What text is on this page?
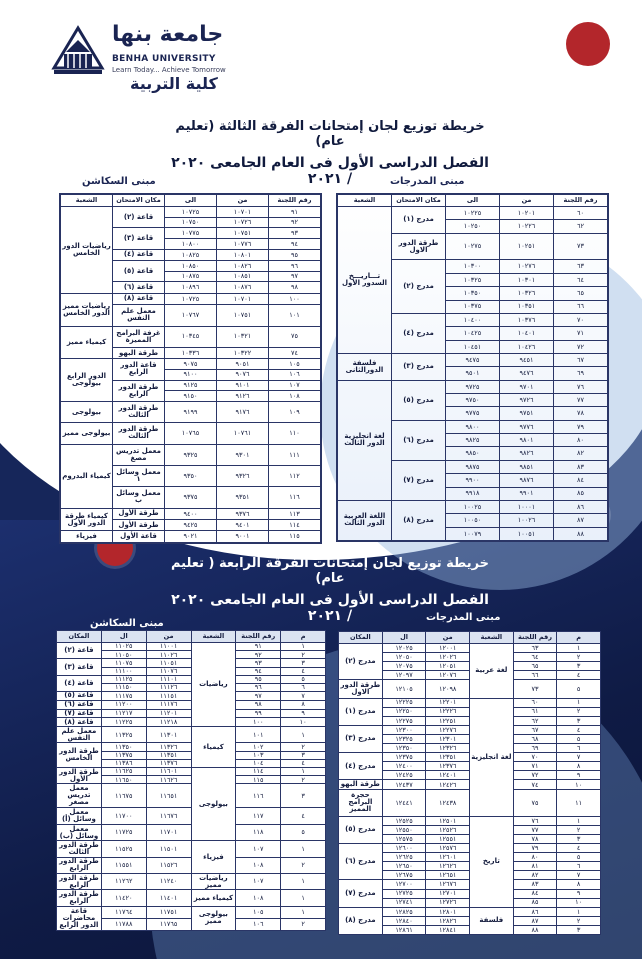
جامعة بنها
BENHA UNIVERSITY
Learn Today... Achieve Tomorrow
كلية التربية
خريطة توزيع لجان إمتحانات الفرقة الثالثة (تعليم عام)
الفصل الدراسى الأول فى العام الجامعى ٢٠٢٠ / ٢٠٢١	مبنى المدرجات
مبنى السكاشن
رقم اللجنة	من	الى	مكان الامتحان	الشعبة
٦٠	١٠٢٠١	١٠٢٢٥	مدرج (١)	تـــاريـــخ السدور الأول
٦٢	١٠٢٢٦	١٠٢٥٠		
٧٣	١٠٢٥١	١٠٢٧٥	طرقة الدور الاول	
٦٣	١٠٢٧٦	١٠٣٠٠	مدرج (٢)	
٦٤	١٠٣٠١	١٠٣٢٥		
٦٥	١٠٣٢٦	١٠٣٥٠		
٦٦	١٠٣٥١	١٠٣٧٥		
٧٠	١٠٣٧٦	١٠٤٠٠	مدرج (٤)	
٧١	١٠٤٠١	١٠٤٢٥		
٧٢	١٠٤٢٦	١٠٤٥١		
٦٧	٩٤٥١	٩٤٧٥	مدرج (٣)	فلسفة الدورالثانى
٦٩	٩٤٧٦	٩٥٠١		
٧٦	٩٧٠١	٩٧٢٥	مدرج (٥)	لغة انجليزية الدور الثالث
٧٧	٩٧٢٦	٩٧٥٠		
٧٨	٩٧٥١	٩٧٧٥		
٧٩	٩٧٧٦	٩٨٠٠	مدرج (٦)	
٨٠	٩٨٠١	٩٨٢٥		
٨٢	٩٨٢٦	٩٨٥٠		
٨٣	٩٨٥١	٩٨٧٥	مدرج (٧)	
٨٤	٩٨٧٦	٩٩٠٠		
٨٥	٩٩٠١	٩٩١٨		
٨٦	١٠٠٠١	١٠٠٢٥	مدرج (٨)	اللغة العربية الدور الثالث
٨٧	١٠٠٢٦	١٠٠٥٠		
٨٨	١٠٠٥١	١٠٠٧٩		
رقم اللجنة	من	الى	مكان الامتحان	الشعبة
٩١	١٠٧٠١	١٠٧٢٥	قاعة (٢)	رياضيات الدور الخامس
٩٢	١٠٧٢٦	١٠٧٥٠		
٩٣	١٠٧٥١	١٠٧٧٥	قاعة (٣)	
٩٤	١٠٧٧٦	١٠٨٠٠		
٩٥	١٠٨٠١	١٠٨٢٥	قاعة (٤)	
٩٦	١٠٨٢٦	١٠٨٥٠	قاعة (٥)	
٩٧	١٠٨٥١	١٠٨٧٥		
٩٨	١٠٨٧٦	١٠٨٩٦	قاعة (٦)	
١٠٠	١٠٧٠١	١٠٧٢٥	قاعة (٨)	رياضيات مميز الدور الخامس
١٠١	١٠٧٥١	١٠٧٦٧	معمل علم النفس	
٧٥	١٠٣٢١	١٠٣٤٥	غرفة البرامج المميزة	كيمياء مميز
٧٤	١٠٣٢٢	١٠٣٣٦	طرقة البهو	
١٠٥	٩٠٥١	٩٠٧٥	قاعة الدور الرابع	الدور الرابع بيولوجى
١٠٦	٩٠٧٦	٩١٠٠		
١٠٧	٩١٠١	٩١٢٥	طرقة الدور الرابع	
١٠٨	٩١٢٦	٩١٥٠		
١٠٩	٩١٧٦	٩١٩٩	طرقة الدور الثالث	بيولوجى
١١٠	١٠٧٦١	١٠٧٦٥	طرقة الدور الثالث	بيولوجى مميز
١١١	٩٣٠١	٩٣٢٥	معمل تدريس مصغ	كيمياء البدروم
١١٢	٩٣٢٦	٩٣٥٠	معمل وسائل ١	
١١٦	٩٣٥١	٩٣٧٥	معمل وسائل ب	
١١٣	٩٣٧٦	٩٤٠٠	طرقة الأول	كيمياء طرقة الدور الأول
١١٤	٩٤٠١	٩٤٢٥	طرقة الأول	
١١٥	٩٠٠١	٩٠٢١	قاعة الأول	فيزياء
خريطة توزيع لجان إمتحانات الفرقة الرابعة ( تعليم عام)
الفصل الدراسى الأول فى العام الجامعى ٢٠٢٠ / ٢٠٢١	مبنى المدرجات
مبنى السكاشن
م	رقم اللجنة	الشعبة	من	ال	المكان
١	٦٣	لغة عربية	١٢٠٠١	١٢٠٢٥	مدرج (٢)
٢	٦٤		١٢٠٢٦	١٢٠٥٠	
٣	٦٥		١٢٠٥١	١٢٠٧٥	
٤	٦٦		١٢٠٧٦	١٢٠٩٧	
٥	٧٣		١٢٠٩٨	١٢١٠٥	طرقة الدور الاول
١	٦٠	لغة انجليزية	١٢٢٠١	١٢٢٢٥	مدرج (١)
٢	٦١		١٢٢٢٦	١٢٢٥٠	
٣	٦٢		١٢٢٥١	١٢٢٧٥	
٤	٦٧		١٢٢٧٦	١٢٣٠٠	مدرج (٣)
٥	٦٨		١٢٣٠١	١٢٣٢٥	
٦	٦٩		١٢٣٢٦	١٢٣٥٠	
٧	٧٠		١٢٣٥١	١٢٣٧٥	مدرج (٤)
٨	٧١		١٢٣٧٦	١٢٤٠٠	
٩	٧٢		١٢٤٠١	١٢٤٢٥	
١٠	٧٤		١٢٤٢٦	١٢٤٣٧	طرقة البهو
١١	٧٥		١٢٤٣٨	١٢٤٤١	حجرة البرامج المميز
١	٧٦	تاريخ	١٢٥٠١	١٢٥٢٥	مدرج (٥)
٢	٧٧		١٢٥٢٦	١٢٥٥٠	
٣	٧٨		١٢٥٥١	١٢٥٧٥	
٤	٧٩		١٢٥٧٦	١٢٦٠٠	مدرج (٦)
٥	٨٠		١٢٦٠١	١٢٦٢٥	
٦	٨١		١٢٦٢٦	١٢٦٥٠	
٧	٨٢		١٢٦٥١	١٢٦٧٥	
٨	٨٣		١٢٦٧٦	١٢٧٠٠	مدرج (٧)
٩	٨٤		١٢٧٠١	١٢٧٢٥	
١٠	٨٥		١٢٧٢٦	١٢٧٤١	
١	٨٦	فلسفة	١٢٨٠١	١٢٨٢٥	مدرج (٨)
٢	٨٧		١٢٨٢٦	١٢٨٤٠	
٣	٨٨		١٢٨٤١	١٢٨٦١	
م	رقم اللجنة	الشعبة	من	ال	المكان
١	٩١	رياضيات	١١٠٠١	١١٠٢٥	قاعة (٢)
٢	٩٢		١١٠٢٦	١١٠٥٠	
٣	٩٣		١١٠٥١	١١٠٧٥	قاعة (٣)
٤	٩٤		١١٠٧٦	١١١٠٠	
٥	٩٥		١١١٠١	١١١٢٥	قاعة (٤)
٦	٩٦		١١١٢٦	١١١٥٠	
٧	٩٧		١١١٥١	١١١٧٥	قاعة (٥)
٨	٩٨		١١١٧٦	١١٢٠٠	قاعة (٦)
٩	٩٩		١١٢٠١	١١٢١٧	قاعة (٧)
١٠	١٠٠		١١٢١٨	١١٢٢٥	قاعة (٨)
١	١٠١	كيمياء	١١٣٠١	١١٣٢٥	معمل علم النفس
٢	١٠٢		١١٣٢٦	١١٣٥٠	طرقة الدور الخامس
٣	١٠٣		١١٣٥١	١١٣٧٥	
٤	١٠٤		١١٣٧٦	١١٣٨٦	
١	١١٤	بيولوجى	١١٦٠١	١١٦٢٥	طرقة الدور الأول
٢	١١٥		١١٦٢٦	١١٦٥٠	
٣	١١٦		١١٦٥١	١١٦٧٥	معمل تدريس مصغر
٤	١١٧		١١٦٧٦	١١٧٠٠	معمل وسائل (أ)
٥	١١٨		١١٧٠١	١١٧٢٥	معمل وسائل (ب)
١	١٠٧	فيزياء	١١٥٠١	١١٥٢٥	طرقة الدور الثالث
٢	١٠٨		١١٥٢٦	١١٥٥١	طرقة الدور الرابع
١	١٠٧	رياضيات مميز	١١٢٤٠	١١٢٦٢	طرقة الدور الرابع
١	١٠٨	كيمياء مميز	١١٤٠١	١١٤٢٠	طرقة الدور الرابع
١	١٠٥	بيولوجى مميز	١١٧٥١	١١٧٦٤	قاعة محاضرات الدور الرابع
٢	١٠٦		١١٧٦٥	١١٧٨٨	
